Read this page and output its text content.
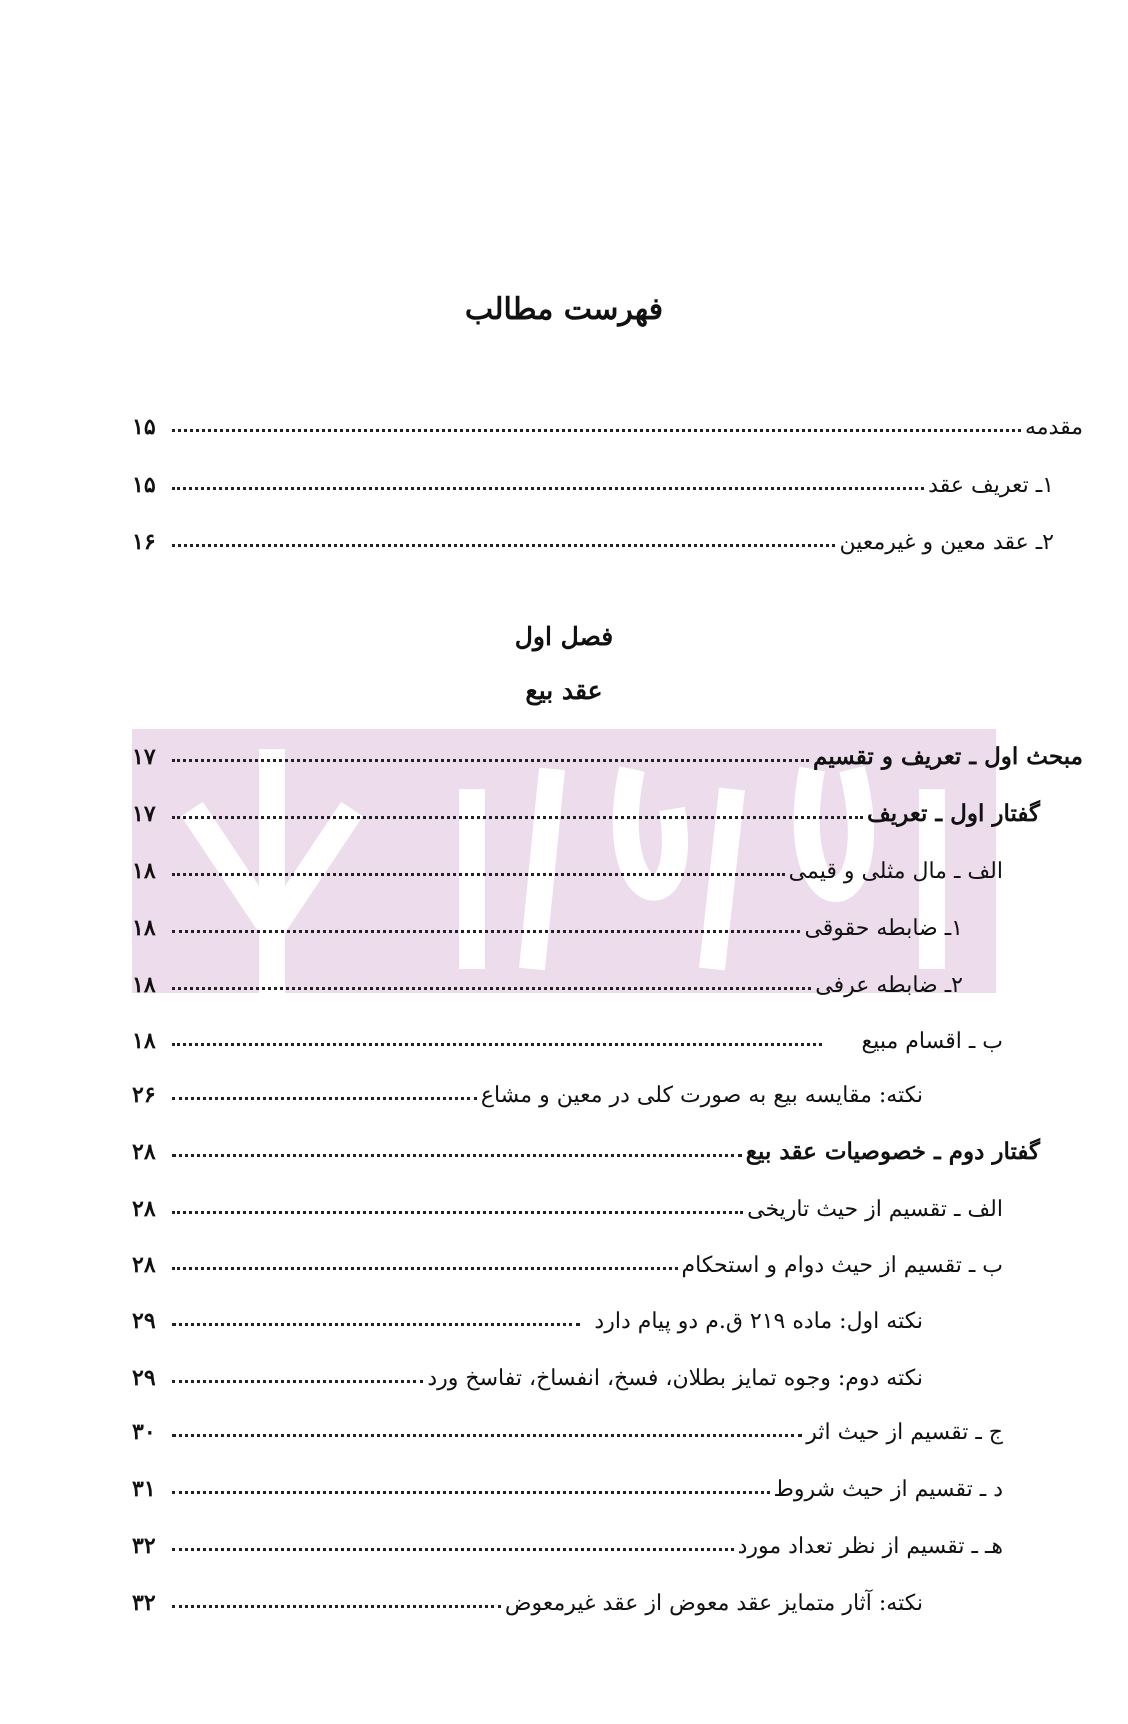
فهرست مطالب
مقدمه
۱۵
۱ـ تعریف عقد
۱۵
۲ـ عقد معین و غیرمعین
۱۶
فصل اول
عقد بیع
مبحث اول ـ تعریف و تقسیم
۱۷
گفتار اول ـ تعریف
۱۷
الف ـ مال مثلی و قیمی
۱۸
۱ـ ضابطه حقوقی
۱۸
۲ـ ضابطه عرفی
۱۸
ب ـ اقسام مبیع
۱۸
نکته: مقایسه بیع به صورت کلی در معین و مشاع
۲۶
گفتار دوم ـ خصوصیات عقد بیع
۲۸
الف ـ تقسیم از حیث تاریخی
۲۸
ب ـ تقسیم از حیث دوام و استحکام
۲۸
نکته اول: ماده ۲۱۹ ق.م دو پیام دارد
۲۹
نکته دوم: وجوه تمایز بطلان، فسخ، انفساخ، تفاسخ ورد
۲۹
ج ـ تقسیم از حیث اثر
۳۰
د ـ تقسیم از حیث شروط
۳۱
هـ ـ تقسیم از نظر تعداد مورد
۳۲
نکته: آثار متمایز عقد معوض از عقد غیرمعوض
۳۲
